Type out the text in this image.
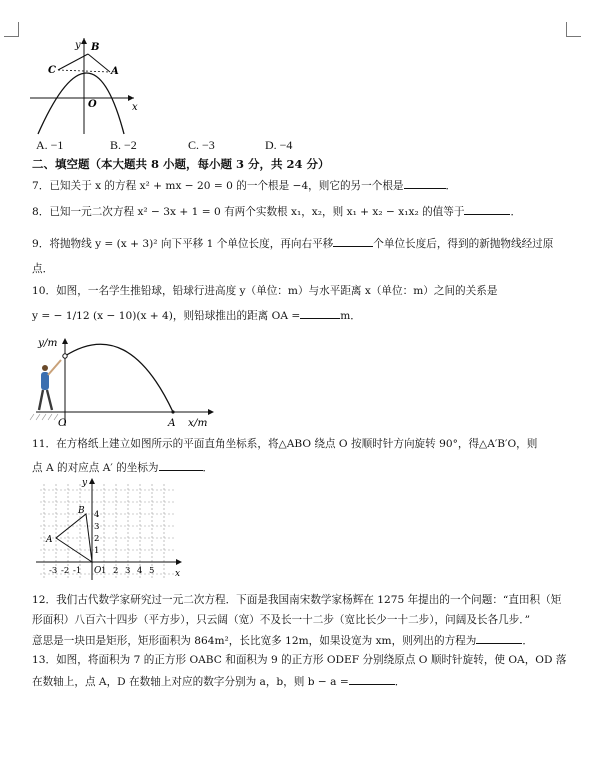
y B
C	A
O	x
A. −1	B. −2	C. −3	D. −4
二、填空题（本大题共 8 小题，每小题 3 分，共 24 分）
7．已知关于 x 的方程 x² + mx − 20 = 0 的一个根是 −4，则它的另一个根是	．
8．已知一元二次方程 x² − 3x + 1 = 0 有两个实数根 x₁，x₂，则 x₁ + x₂ − x₁x₂ 的值等于	．
9．将抛物线 y = (x + 3)² 向下平移 1 个单位长度，再向右平移	个单位长度后，得到的新抛物线经过原
点．
10．如图，一名学生推铅球，铅球行进高度 y（单位：m）与水平距离 x（单位：m）之间的关系是
y = − 1/12 (x − 10)(x + 4)，则铅球推出的距离 OA =	m．
y/m
O	A x/m
11．在方格纸上建立如图所示的平面直角坐标系，将△ABO 绕点 O 按顺时针方向旋转 90°，得△A′B′O，则
点 A 的对应点 A′ 的坐标为	．
y
x
O
A
B 4
3
2
1
-3 -2 -1 1 2 3 4 5
12．我们古代数学家研究过一元二次方程．下面是我国南宋数学家杨辉在 1275 年提出的一个问题：“直田积（矩
形面积）八百六十四步（平方步），只云阔（宽）不及长一十二步（宽比长少一十二步），问阔及长各几步．”
意思是一块田是矩形，矩形面积为 864m²，长比宽多 12m，如果设宽为 xm，则列出的方程为	．
13．如图，将面积为 7 的正方形 OABC 和面积为 9 的正方形 ODEF 分别绕原点 O 顺时针旋转，使 OA，OD 落
在数轴上，点 A，D 在数轴上对应的数字分别为 a，b，则 b − a =	．
